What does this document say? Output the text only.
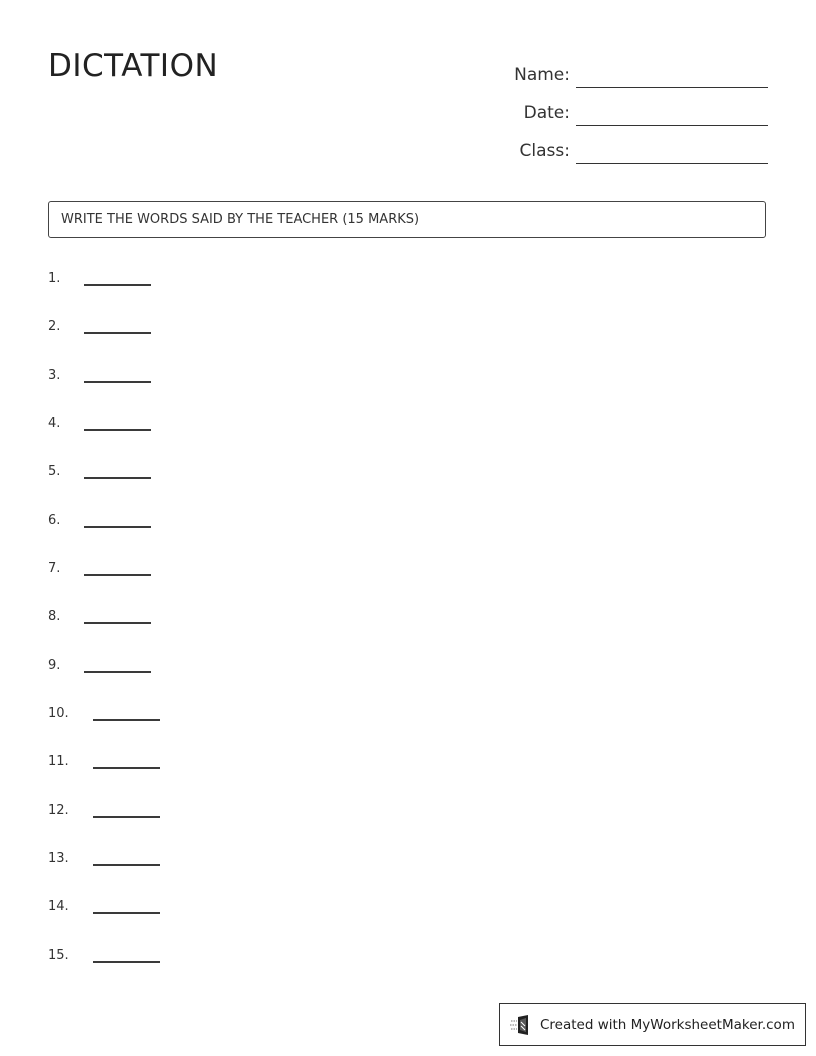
DICTATION	Name:
Date:
Class:
WRITE THE WORDS SAID BY THE TEACHER (15 MARKS)
1.
2.
3.
4.
5.
6.
7.
8.
9.
10.
11.
12.
13.
14.
15.
Created with MyWorksheetMaker.com
